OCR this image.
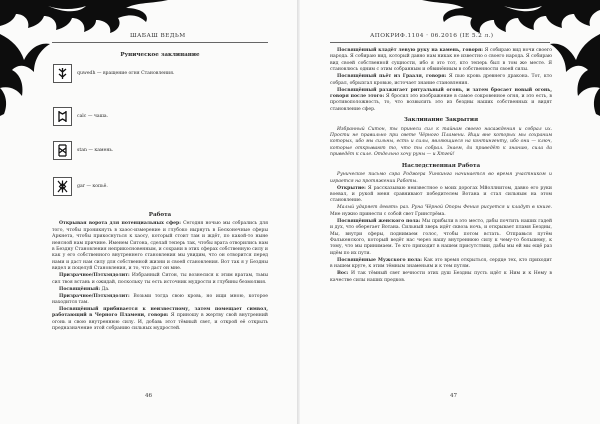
ШАБАШ ВЕДЬМ
Руническое заклинание
quwedh — вращение огня Становления.
calc — чаша.
stan — камень.
gar — копьё.
Работа

Открывая ворота для потенциальных сфер: Сегодня ночью мы собрались для того, чтобы проникнуть в хаэос-измерение и глубоко нырнуть в Бесконечные сферы Аркнета, чтобы прикоснуться к хаосу, который стоит там и ждёт, по какой-то ныне неясной нам причине. Именем Ситона, сделай теперь так, чтобы врата отворились нам в Бездну Становления неприкосновенным, и сохрани в этих сферах собственную силу и как у его собственного внутреннего становления мы увидим, что он отворится перед нами и даст нам силу для собственной жизни и своей становления. Вот так я у Бездны видел и поцелуй Становления, и то, что даст он мне.

Призрачное/Пэтхэндолит: Избранный Ситон, ты вознесися к этим вратам, тьмы сил твоя встань и ожидай, поскольку ты есть источник мудрости и глубины безмолвия.

Посвящённый: Да.

Призрачное/Пэтхэндолит: Возьми тогда свою кровь, но ищи мною, которое находится там.

Посвящённый прибивается к неизвестному, затем помещает символ, работающий в Черного Пламени, говоря: Я приношу в жертву свой внутренний огонь и свою внутреннюю силу. И, добавь этот тёмный свет, и открой её открыть предназначение этой собранию сильных мудростей.

46
АПОКРИФ.1104 · 06.2016 (IE 5.2 л.)

Посвящённый кладёт левую руку на камень, говоря: Я собираю вид ночи своего народа. Я собираю вид, который давно нам никак не известно о своего народа. Я собираю вид своей собственной сущности, ибо я это тот, кто теперь был в том же месте. Я становлюсь одним с этим собранным и обвинённым в собственности своей силы.

Посвящённый пьёт из Грааля, говоря: Я пью кровь древнего дракона. Тот, кто собрал, обрызгал кровью, источает знание становления.

Посвящённый разжигает ритуальный огонь, и затем бросает новый огонь, говоря после этого: Я бросил это изображение в самое сокровенное огня, и это есть, в противоположность, то, что возвысить это из бездны наших собственных и видят становление сфер.

Заклинание Закрытия

Избранный Ситон, ты принеси сил к тайнам своего насаждения и собрал их. Прости не правильно при свете Чёрного Пламени. Ищи вне которых мы сохраним которых, ибо мы сильны, есть и силы, являющиеся на контингенту, ибо они — ключ, которые открывают то, что ты собрал. Знаем, да приведёт к знанию, сила да приведёт к силе. Отдельно хочу руны — и Хтгей!

Наследственная Работа

Руническое письмо сэра Роджера Уинкинга начинается во время участником и играется на протяжении Работы.

Открытие: Я рассказываю неизвестное о моих дорогах Мйоллнитом, давно его руки воевал, и рукой меня сравнивают победителем Вотана и стал сильным на этом становление.

Малый ударяет девять раз. Руна Чёрной Опоры Фения рисуется и кладут в книге. Мне нужно принести с собой свет Гринстрёма.

Посвящённый женского пола: Мы прибыли в это место, дабы почтить наших гадей и дух, что оберегает Вотана. Сильный зверь идёт сквозь ночь, и открывает пламя Бездны, Мы, внутри сферы, поднимаем голос, чтобы потом встать. Отправься путём Фалькенского, который ведёт нас через нашу внутреннюю силу к чему-то большему, к тому, что мы принимаем. Те кто приходит в нашем присутствии, дабы мы ей мы ещё раз идём по их пути.

Посвящённые Мужского пола: Как это время открыться, сердце тех, кто приходит в нашем круге, к этим тёмным знаменьям и к тем путям.

Вос: И так тёмный свет вечности этих душ Бездны пусть идёт к Ним и к Нему в качестве силы наших предков.

47
